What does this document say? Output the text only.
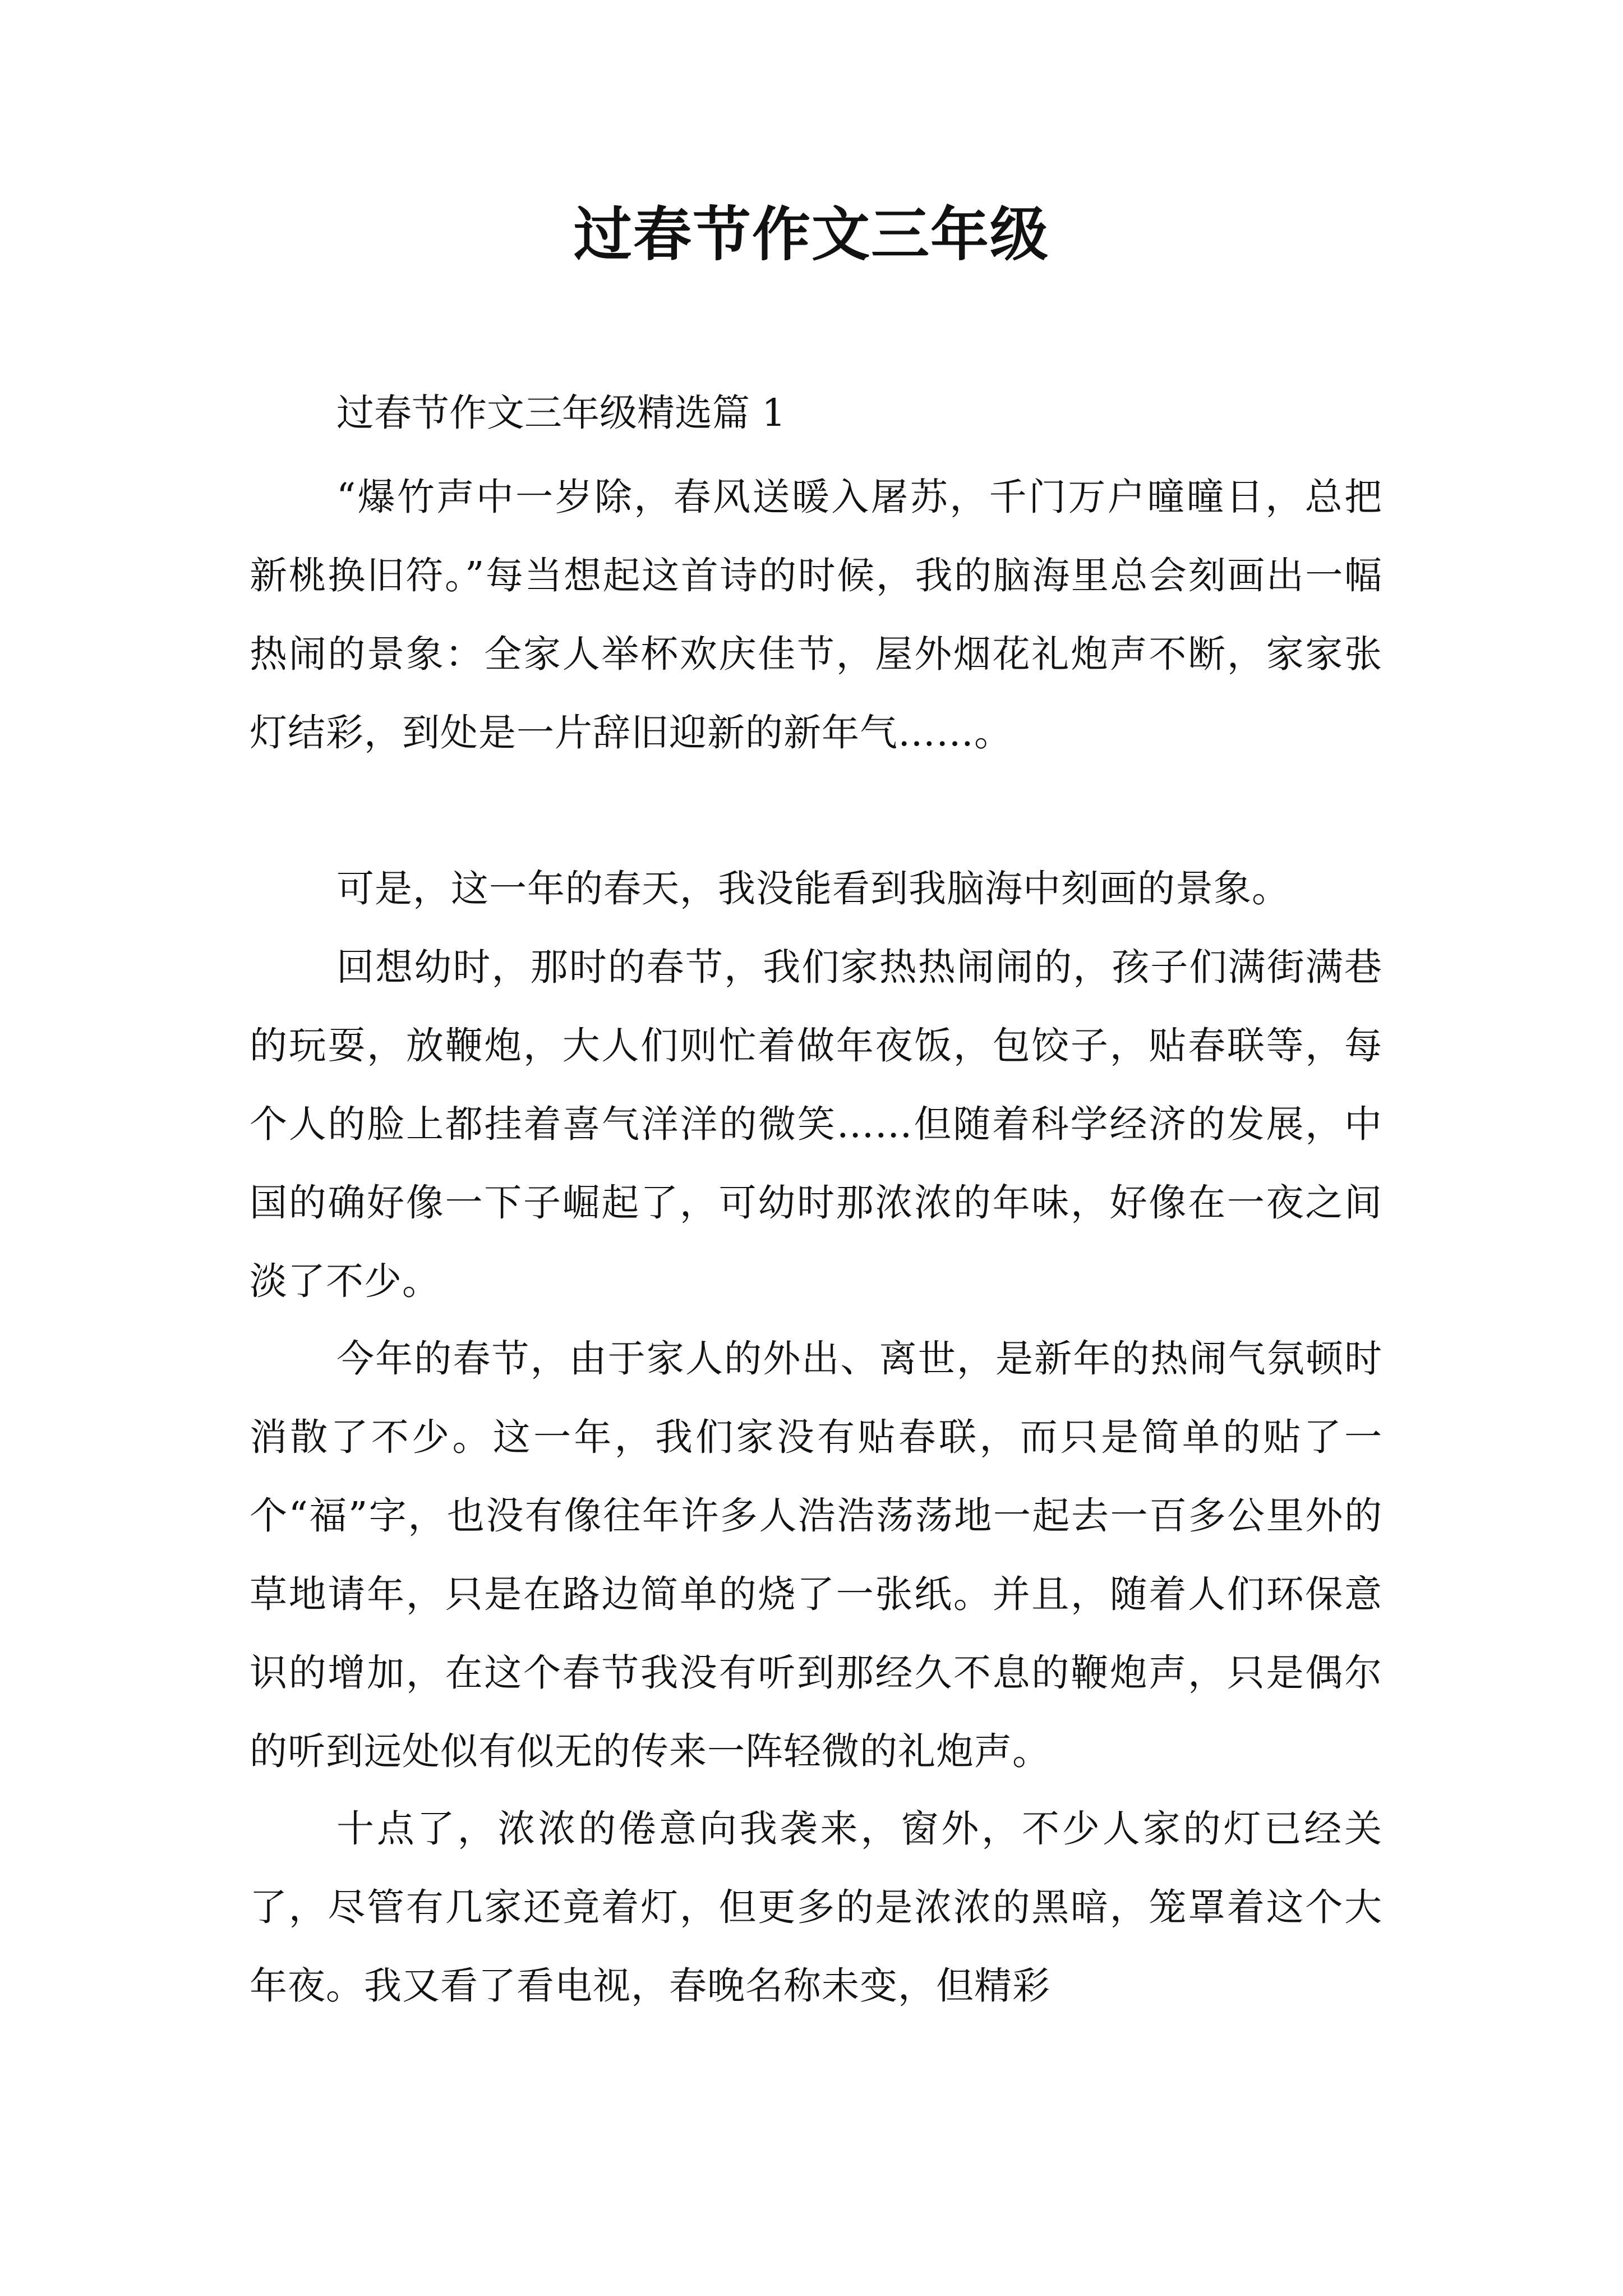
过春节作文三年级
过春节作文三年级精选篇 1

“爆竹声中一岁除，春风送暖入屠苏，千门万户曈曈日，总把新桃换旧符。”每当想起这首诗的时候，我的脑海里总会刻画出一幅热闹的景象：全家人举杯欢庆佳节，屋外烟花礼炮声不断，家家张灯结彩，到处是一片辞旧迎新的新年气……。

可是，这一年的春天，我没能看到我脑海中刻画的景象。

回想幼时，那时的春节，我们家热热闹闹的，孩子们满街满巷的玩耍，放鞭炮，大人们则忙着做年夜饭，包饺子，贴春联等，每个人的脸上都挂着喜气洋洋的微笑……但随着科学经济的发展，中国的确好像一下子崛起了，可幼时那浓浓的年味，好像在一夜之间淡了不少。

今年的春节，由于家人的外出、离世，是新年的热闹气氛顿时消散了不少。这一年，我们家没有贴春联，而只是简单的贴了一个“福”字，也没有像往年许多人浩浩荡荡地一起去一百多公里外的草地请年，只是在路边简单的烧了一张纸。并且，随着人们环保意识的增加，在这个春节我没有听到那经久不息的鞭炮声，只是偶尔的听到远处似有似无的传来一阵轻微的礼炮声。

十点了，浓浓的倦意向我袭来，窗外，不少人家的灯已经关了，尽管有几家还竟着灯，但更多的是浓浓的黑暗，笼罩着这个大年夜。我又看了看电视，春晚名称未变，但精彩
